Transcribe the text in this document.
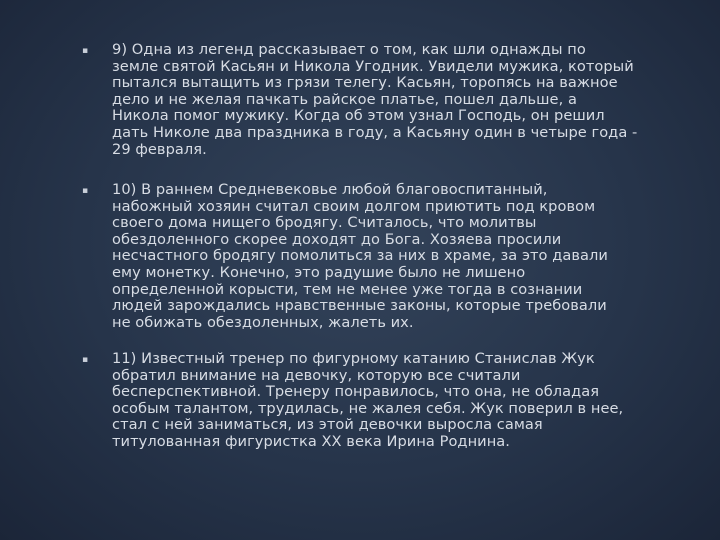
▪	9) Одна из легенд рассказывает о том, как шли однажды по
земле святой Касьян и Никола Угодник. Увидели мужика, который
пытался вытащить из грязи телегу. Касьян, торопясь на важное
дело и не желая пачкать райское платье, пошел дальше, а
Никола помог мужику. Когда об этом узнал Господь, он решил
дать Николе два праздника в году, а Касьяну один в четыре года -
29 февраля.
▪	10) В раннем Средневековье любой благовоспитанный,
набожный хозяин считал своим долгом приютить под кровом
своего дома нищего бродягу. Считалось, что молитвы
обездоленного скорее доходят до Бога. Хозяева просили
несчастного бродягу помолиться за них в храме, за это давали
ему монетку. Конечно, это радушие было не лишено
определенной корысти, тем не менее уже тогда в сознании
людей зарождались нравственные законы, которые требовали
не обижать обездоленных, жалеть их.
▪	11) Известный тренер по фигурному катанию Станислав Жук
обратил внимание на девочку, которую все считали
бесперспективной. Тренеру понравилось, что она, не обладая
особым талантом, трудилась, не жалея себя. Жук поверил в нее,
стал с ней заниматься, из этой девочки выросла самая
титулованная фигуристка XX века Ирина Роднина.
